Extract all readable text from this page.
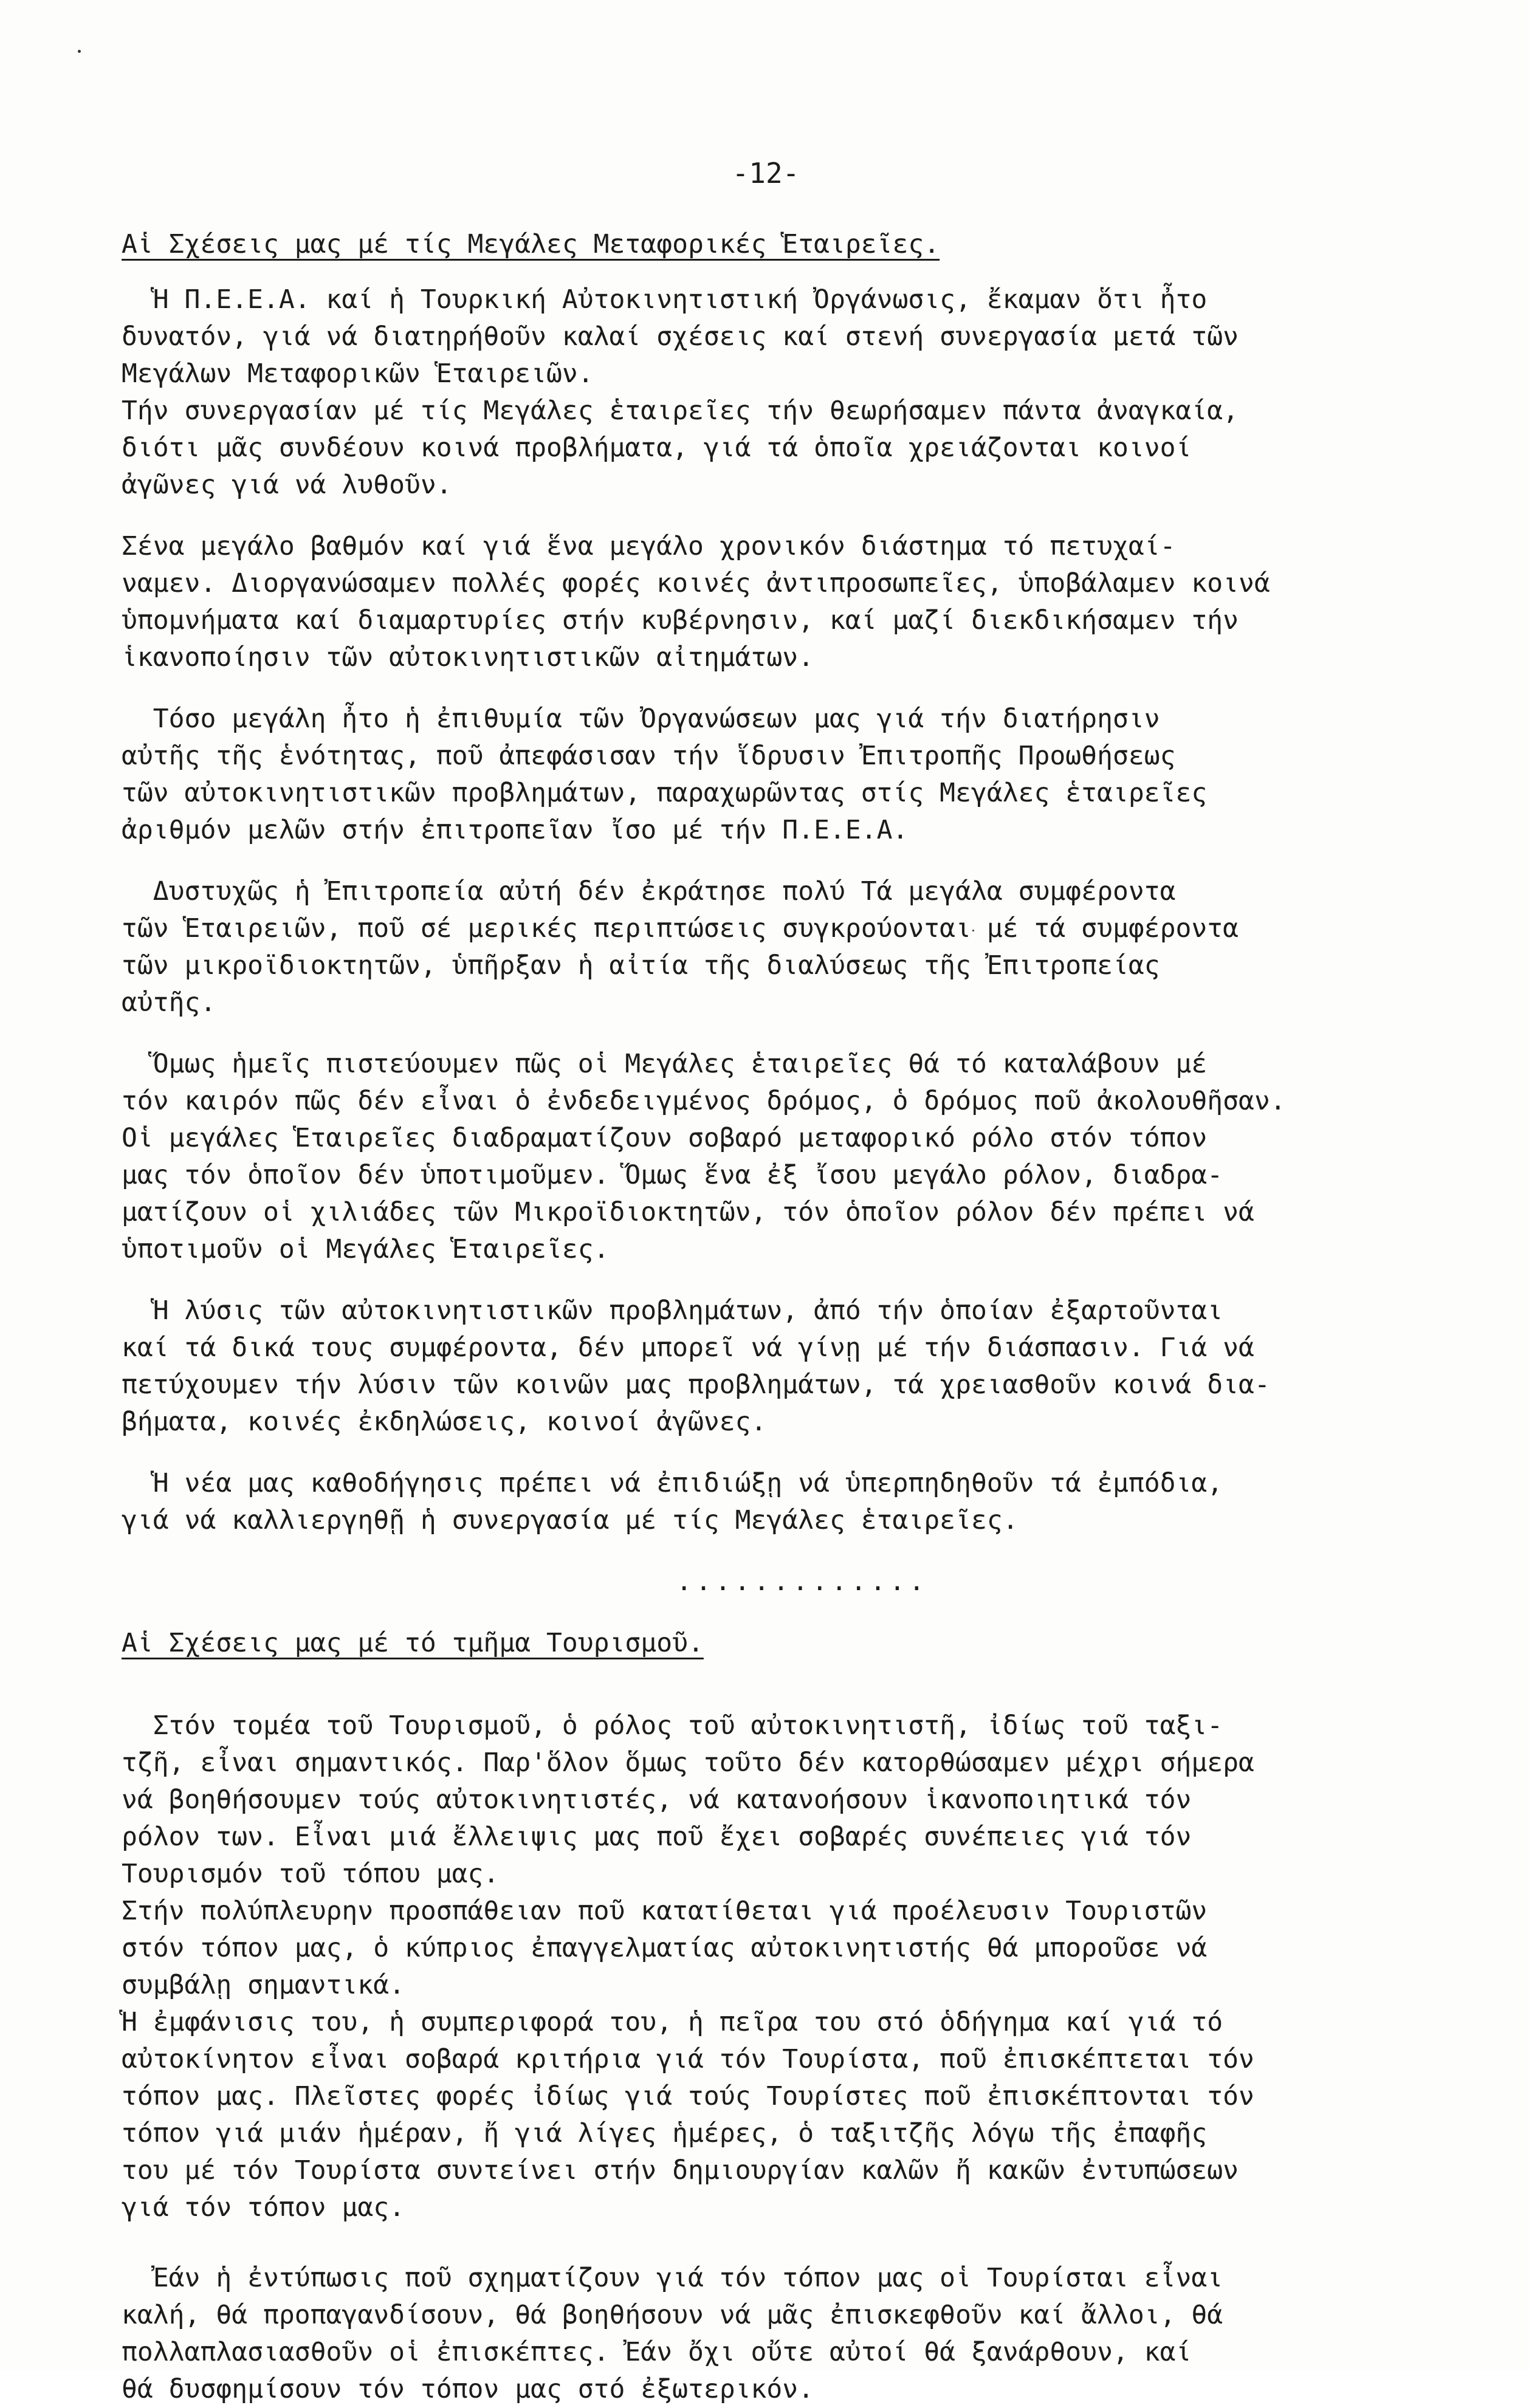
-12-
Αἱ Σχέσεις μας μέ τίς Μεγάλες Μεταφορικές Ἑταιρεῖες.
Ἡ Π.Ε.Ε.Α. καί ἡ Τουρκική Αὐτοκινητιστική Ὀργάνωσις, ἔκαμαν ὅτι ἦτο
δυνατόν, γιά νά διατηρήθοῦν καλαί σχέσεις καί στενή συνεργασία μετά τῶν
Μεγάλων Μεταφορικῶν Ἑταιρειῶν.
Τήν συνεργασίαν μέ τίς Μεγάλες ἑταιρεῖες τήν θεωρήσαμεν πάντα ἀναγκαία,
διότι μᾶς συνδέουν κοινά προβλήματα, γιά τά ὁποῖα χρειάζονται κοινοί
ἀγῶνες γιά νά λυθοῦν.
Σένα μεγάλο βαθμόν καί γιά ἕνα μεγάλο χρονικόν διάστημα τό πετυχαί-
ναμεν. Διοργανώσαμεν πολλές φορές κοινές ἀντιπροσωπεῖες, ὑποβάλαμεν κοινά
ὑπομνήματα καί διαμαρτυρίες στήν κυβέρνησιν, καί μαζί διεκδικήσαμεν τήν
ἱκανοποίησιν τῶν αὐτοκινητιστικῶν αἰτημάτων.
Τόσο μεγάλη ἦτο ἡ ἐπιθυμία τῶν Ὀργανώσεων μας γιά τήν διατήρησιν
αὐτῆς τῆς ἑνότητας, ποῦ ἀπεφάσισαν τήν ἵδρυσιν Ἐπιτροπῆς Προωθήσεως
τῶν αὐτοκινητιστικῶν προβλημάτων, παραχωρῶντας στίς Μεγάλες ἑταιρεῖες
ἀριθμόν μελῶν στήν ἐπιτροπεῖαν ἴσο μέ τήν Π.Ε.Ε.Α.
Δυστυχῶς ἡ Ἐπιτροπεία αὐτή δέν ἐκράτησε πολύ Τά μεγάλα συμφέροντα
τῶν Ἑταιρειῶν, ποῦ σέ μερικές περιπτώσεις συγκρούονται μέ τά συμφέροντα
τῶν μικροϊδιοκτητῶν, ὑπῆρξαν ἡ αἰτία τῆς διαλύσεως τῆς Ἐπιτροπείας
αὐτῆς.
Ὅμως ἡμεῖς πιστεύουμεν πῶς οἱ Μεγάλες ἑταιρεῖες θά τό καταλάβουν μέ
τόν καιρόν πῶς δέν εἶναι ὁ ἐνδεδειγμένος δρόμος, ὁ δρόμος ποῦ ἀκολουθῆσαν.
Οἱ μεγάλες Ἑταιρεῖες διαδραματίζουν σοβαρό μεταφορικό ρόλο στόν τόπον
μας τόν ὁποῖον δέν ὑποτιμοῦμεν. Ὅμως ἕνα ἐξ ἴσου μεγάλο ρόλον, διαδρα-
ματίζουν οἱ χιλιάδες τῶν Μικροϊδιοκτητῶν, τόν ὁποῖον ρόλον δέν πρέπει νά
ὑποτιμοῦν οἱ Μεγάλες Ἑταιρεῖες.
Ἡ λύσις τῶν αὐτοκινητιστικῶν προβλημάτων, ἀπό τήν ὁποίαν ἐξαρτοῦνται
καί τά δικά τους συμφέροντα, δέν μπορεῖ νά γίνῃ μέ τήν διάσπασιν. Γιά νά
πετύχουμεν τήν λύσιν τῶν κοινῶν μας προβλημάτων, τά χρειασθοῦν κοινά δια-
βήματα, κοινές ἐκδηλώσεις, κοινοί ἀγῶνες.
Ἡ νέα μας καθοδήγησις πρέπει νά ἐπιδιώξῃ νά ὑπερπηδηθοῦν τά ἐμπόδια,
γιά νά καλλιεργηθῇ ἡ συνεργασία μέ τίς Μεγάλες ἑταιρεῖες.
.............
Αἱ Σχέσεις μας μέ τό τμῆμα Τουρισμοῦ.
Στόν τομέα τοῦ Τουρισμοῦ, ὁ ρόλος τοῦ αὐτοκινητιστῆ, ἰδίως τοῦ ταξι-
τζῆ, εἶναι σημαντικός. Παρ'ὅλον ὅμως τοῦτο δέν κατορθώσαμεν μέχρι σήμερα
νά βοηθήσουμεν τούς αὐτοκινητιστές, νά κατανοήσουν ἱκανοποιητικά τόν
ρόλον των. Εἶναι μιά ἔλλειψις μας ποῦ ἔχει σοβαρές συνέπειες γιά τόν
Τουρισμόν τοῦ τόπου μας.
Στήν πολύπλευρην προσπάθειαν ποῦ κατατίθεται γιά προέλευσιν Τουριστῶν
στόν τόπον μας, ὁ κύπριος ἐπαγγελματίας αὐτοκινητιστής θά μποροῦσε νά
συμβάλῃ σημαντικά.
Ἡ ἐμφάνισις του, ἡ συμπεριφορά του, ἡ πεῖρα του στό ὁδήγημα καί γιά τό
αὐτοκίνητον εἶναι σοβαρά κριτήρια γιά τόν Τουρίστα, ποῦ ἐπισκέπτεται τόν
τόπον μας. Πλεῖστες φορές ἰδίως γιά τούς Τουρίστες ποῦ ἐπισκέπτονται τόν
τόπον γιά μιάν ἡμέραν, ἤ γιά λίγες ἡμέρες, ὁ ταξιτζῆς λόγω τῆς ἐπαφῆς
του μέ τόν Τουρίστα συντείνει στήν δημιουργίαν καλῶν ἤ κακῶν ἐντυπώσεων
γιά τόν τόπον μας.
Ἐάν ἡ ἐντύπωσις ποῦ σχηματίζουν γιά τόν τόπον μας οἱ Τουρίσται εἶναι
καλή, θά προπαγανδίσουν, θά βοηθήσουν νά μᾶς ἐπισκεφθοῦν καί ἄλλοι, θά
πολλαπλασιασθοῦν οἱ ἐπισκέπτες. Ἐάν ὄχι οὔτε αὐτοί θά ξανάρθουν, καί
θά δυσφημίσουν τόν τόπον μας στό ἐξωτερικόν.
